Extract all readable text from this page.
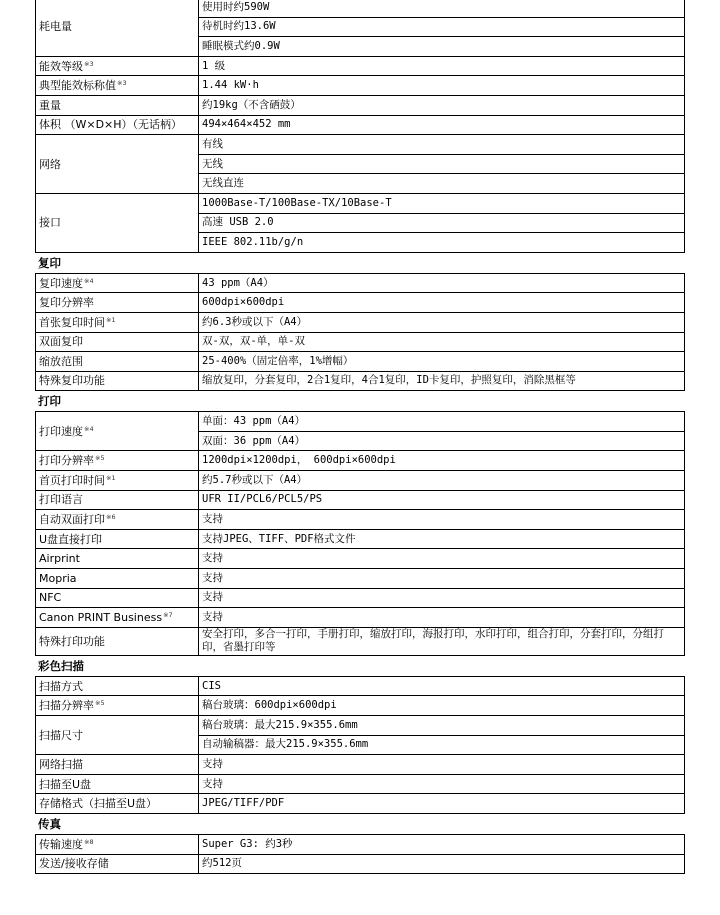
耗电量	使用时约590W
	待机时约13.6W
	睡眠模式约0.9W
能效等级$^{※3}$	1 级
典型能效标称值$^{※3}$	1.44 kW·h
重量	约19kg（不含硒鼓）
体积 （W×D×H）（无话柄）	494×464×452 mm
网络	有线
	无线
	无线直连
接口	1000Base-T/100Base-TX/10Base-T
	高速 USB 2.0
	IEEE 802.11b/g/n
复印
复印速度$^{※4}$	43 ppm（A4）
复印分辨率	600dpi×600dpi
首张复印时间$^{※1}$	约6.3秒或以下（A4）
双面复印	双-双，双-单，单-双
缩放范围	25-400%（固定倍率，1%增幅）
特殊复印功能	缩放复印，分套复印，2合1复印，4合1复印，ID卡复印，护照复印，消除黑框等
打印
打印速度$^{※4}$	单面：43 ppm（A4）
	双面：36 ppm（A4）
打印分辨率$^{※5}$	1200dpi×1200dpi， 600dpi×600dpi
首页打印时间$^{※1}$	约5.7秒或以下（A4）
打印语言	UFR II/PCL6/PCL5/PS
自动双面打印$^{※6}$	支持
U盘直接打印	支持JPEG、TIFF、PDF格式文件
Airprint	支持
Mopria	支持
NFC	支持
Canon PRINT Business$^{※7}$	支持
特殊打印功能	安全打印，多合一打印，手册打印，缩放打印，海报打印，水印打印，组合打印，分套打印，分组打印，省墨打印等
彩色扫描
扫描方式	CIS
扫描分辨率$^{※5}$	稿台玻璃：600dpi×600dpi
扫描尺寸	稿台玻璃：最大215.9×355.6mm
	自动输稿器：最大215.9×355.6mm
网络扫描	支持
扫描至U盘	支持
存储格式（扫描至U盘）	JPEG/TIFF/PDF
传真
传输速度$^{※8}$	Super G3: 约3秒
发送/接收存储	约512页
